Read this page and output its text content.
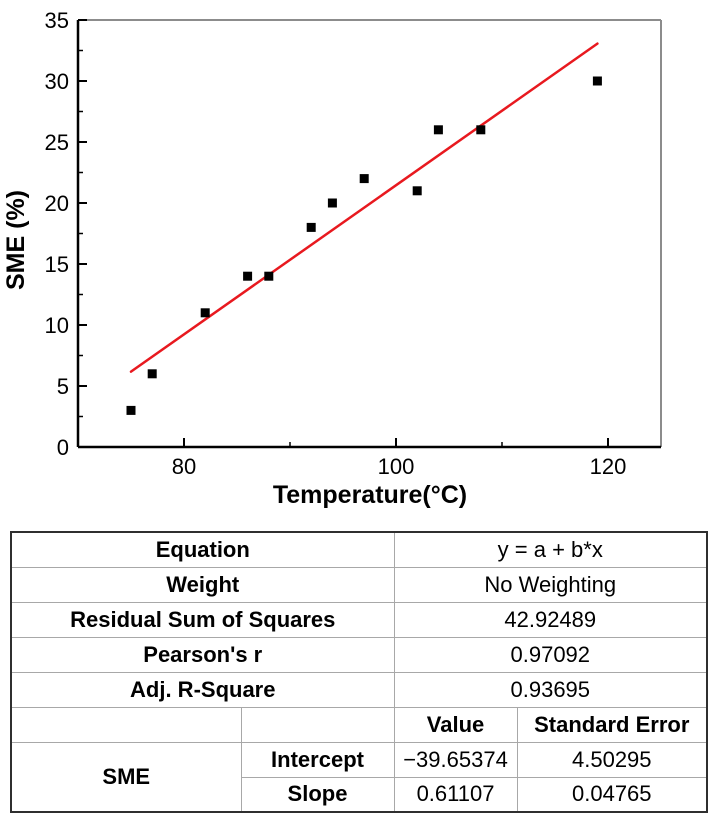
80	100	120
0
5
10
15
20
25
30
35
Temperature(°C)
SME (%)
Equation		y = a + b*x	
Weight		No Weighting	
Residual Sum of Squares		42.92489	
Pearson's r		0.97092	
Adj. R-Square		0.93695	
		Value	Standard Error
SME	Intercept	−39.65374	4.50295
	Slope	0.61107	0.04765
